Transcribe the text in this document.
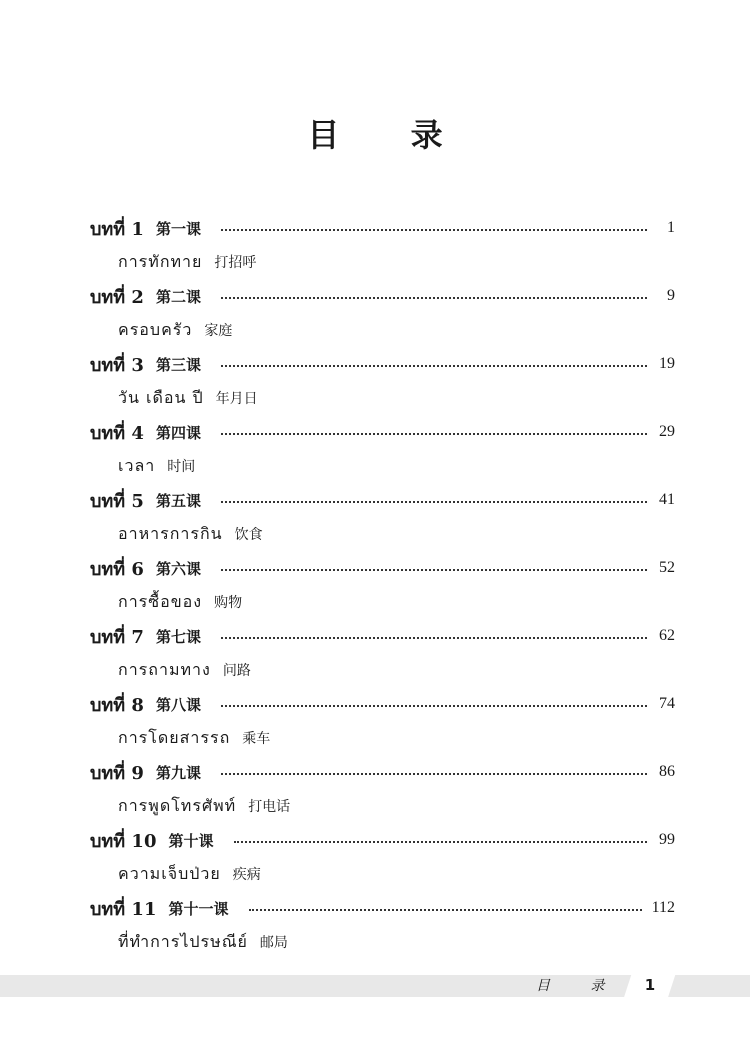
目 录
บทที่ 1 第一课	1
การทักทาย 打招呼
บทที่ 2 第二课	9
ครอบครัว 家庭
บทที่ 3 第三课	19
วัน เดือน ปี 年月日
บทที่ 4 第四课	29
เวลา 时间
บทที่ 5 第五课	41
อาหารการกิน 饮食
บทที่ 6 第六课	52
การซื้อของ 购物
บทที่ 7 第七课	62
การถามทาง 问路
บทที่ 8 第八课	74
การโดยสารรถ 乘车
บทที่ 9 第九课	86
การพูดโทรศัพท์ 打电话
บทที่ 10 第十课	99
ความเจ็บป่วย 疾病
บทที่ 11 第十一课	112
ที่ทำการไปรษณีย์ 邮局
目 录	1
